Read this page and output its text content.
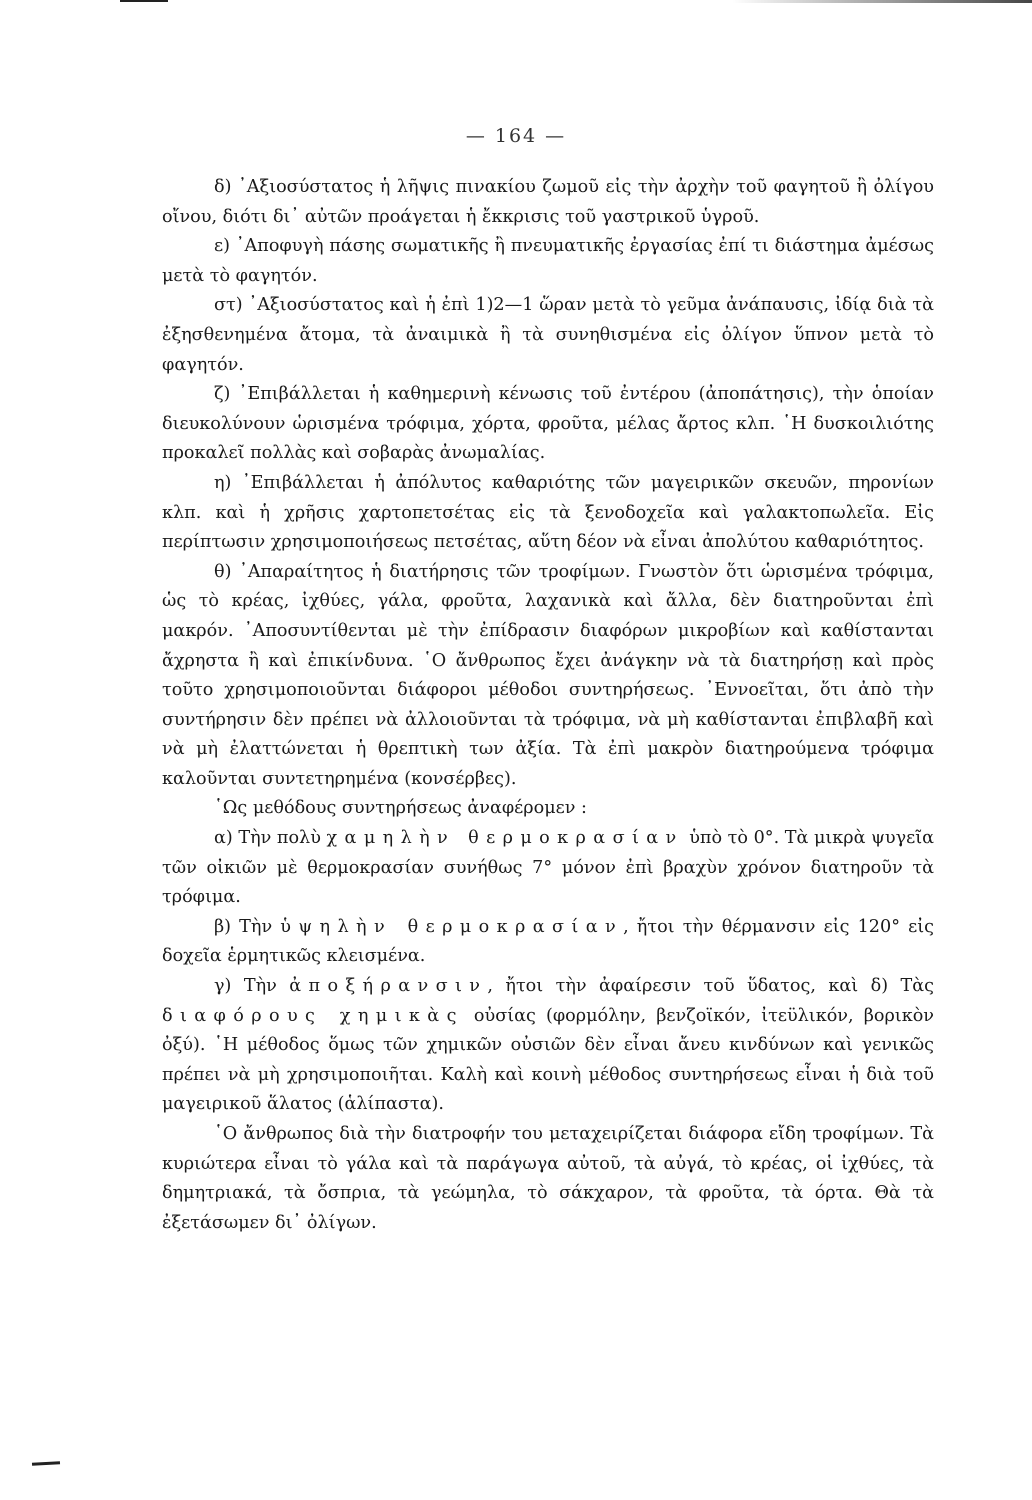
— 164 —

δ) ᾽Αξιοσύστατος ἡ λῆψις πινακίου ζωμοῦ εἰς τὴν ἀρχὴν τοῦ φαγητοῦ ἢ ὀλίγου οἴνου, διότι δι᾽ αὐτῶν προάγεται ἡ ἔκκρισις τοῦ γαστρικοῦ ὑγροῦ.

ε) ᾽Αποφυγὴ πάσης σωματικῆς ἢ πνευματικῆς ἐργασίας ἐπί τι διάστημα ἀμέσως μετὰ τὸ φαγητόν.

στ) ᾽Αξιοσύστατος καὶ ἡ ἐπὶ 1)2—1 ὥραν μετὰ τὸ γεῦμα ἀνάπαυσις, ἰδίᾳ διὰ τὰ ἐξησθενημένα ἄτομα, τὰ ἀναιμικὰ ἢ τὰ συνηθισμένα εἰς ὀλίγον ὕπνον μετὰ τὸ φαγητόν.

ζ) ᾽Επιβάλλεται ἡ καθημερινὴ κένωσις τοῦ ἐντέρου (ἀποπάτησις), τὴν ὁποίαν διευκολύνουν ὡρισμένα τρόφιμα, χόρτα, φροῦτα, μέλας ἄρτος κλπ. ῾Η δυσκοιλιότης προκαλεῖ πολλὰς καὶ σοβαρὰς ἀνωμαλίας.

η) ᾽Επιβάλλεται ἡ ἀπόλυτος καθαριότης τῶν μαγειρικῶν σκευῶν, πηρονίων κλπ. καὶ ἡ χρῆσις χαρτοπετσέτας εἰς τὰ ξενοδοχεῖα καὶ γαλακτοπωλεῖα. Εἰς περίπτωσιν χρησιμοποιήσεως πετσέτας, αὕτη δέον νὰ εἶναι ἀπολύτου καθαριότητος.

θ) ᾽Απαραίτητος ἡ διατήρησις τῶν τροφίμων. Γνωστὸν ὅτι ὡρισμένα τρόφιμα, ὡς τὸ κρέας, ἰχθύες, γάλα, φροῦτα, λαχανικὰ καὶ ἄλλα, δὲν διατηροῦνται ἐπὶ μακρόν. ᾽Αποσυντίθενται μὲ τὴν ἐπίδρασιν διαφόρων μικροβίων καὶ καθίστανται ἄχρηστα ἢ καὶ ἐπικίνδυνα. ῾Ο ἄνθρωπος ἔχει ἀνάγκην νὰ τὰ διατηρήσῃ καὶ πρὸς τοῦτο χρησιμοποιοῦνται διάφοροι μέθοδοι συντηρήσεως. ᾽Εννοεῖται, ὅτι ἀπὸ τὴν συντήρησιν δὲν πρέπει νὰ ἀλλοιοῦνται τὰ τρόφιμα, νὰ μὴ καθίστανται ἐπιβλαβῆ καὶ νὰ μὴ ἐλαττώνεται ἡ θρεπτικὴ των ἀξία. Τὰ ἐπὶ μακρὸν διατηρούμενα τρόφιμα καλοῦνται συντετηρημένα (κονσέρβες).

῾Ως μεθόδους συντηρήσεως ἀναφέρομεν :

α) Τὴν πολὺ χαμηλὴν θερμοκρασίαν ὑπὸ τὸ 0°. Τὰ μικρὰ ψυγεῖα τῶν οἰκιῶν μὲ θερμοκρασίαν συνήθως 7° μόνον ἐπὶ βραχὺν χρόνον διατηροῦν τὰ τρόφιμα.

β) Τὴν ὑψηλὴν θερμοκρασίαν, ἤτοι τὴν θέρμανσιν εἰς 120° εἰς δοχεῖα ἑρμητικῶς κλεισμένα.

γ) Τὴν ἀποξήρανσιν, ἤτοι τὴν ἀφαίρεσιν τοῦ ὕδατος, καὶ δ) Τὰς διαφόρους χημικὰς οὐσίας (φορμόλην, βενζοϊκόν, ἰτεϋλικόν, βορικὸν ὀξύ). ῾Η μέθοδος ὅμως τῶν χημικῶν οὐσιῶν δὲν εἶναι ἄνευ κινδύνων καὶ γενικῶς πρέπει νὰ μὴ χρησιμοποιῆται. Καλὴ καὶ κοινὴ μέθοδος συντηρήσεως εἶναι ἡ διὰ τοῦ μαγειρικοῦ ἅλατος (ἁλίπαστα).

῾Ο ἄνθρωπος διὰ τὴν διατροφήν του μεταχειρίζεται διάφορα εἴδη τροφίμων. Τὰ κυριώτερα εἶναι τὸ γάλα καὶ τὰ παράγωγα αὐτοῦ, τὰ αὐγά, τὸ κρέας, οἱ ἰχθύες, τὰ δημητριακά, τὰ ὄσπρια, τὰ γεώμηλα, τὸ σάκχαρον, τὰ φροῦτα, τὰ όρτα. Θὰ τὰ ἐξετάσωμεν δι᾽ ὀλίγων.
